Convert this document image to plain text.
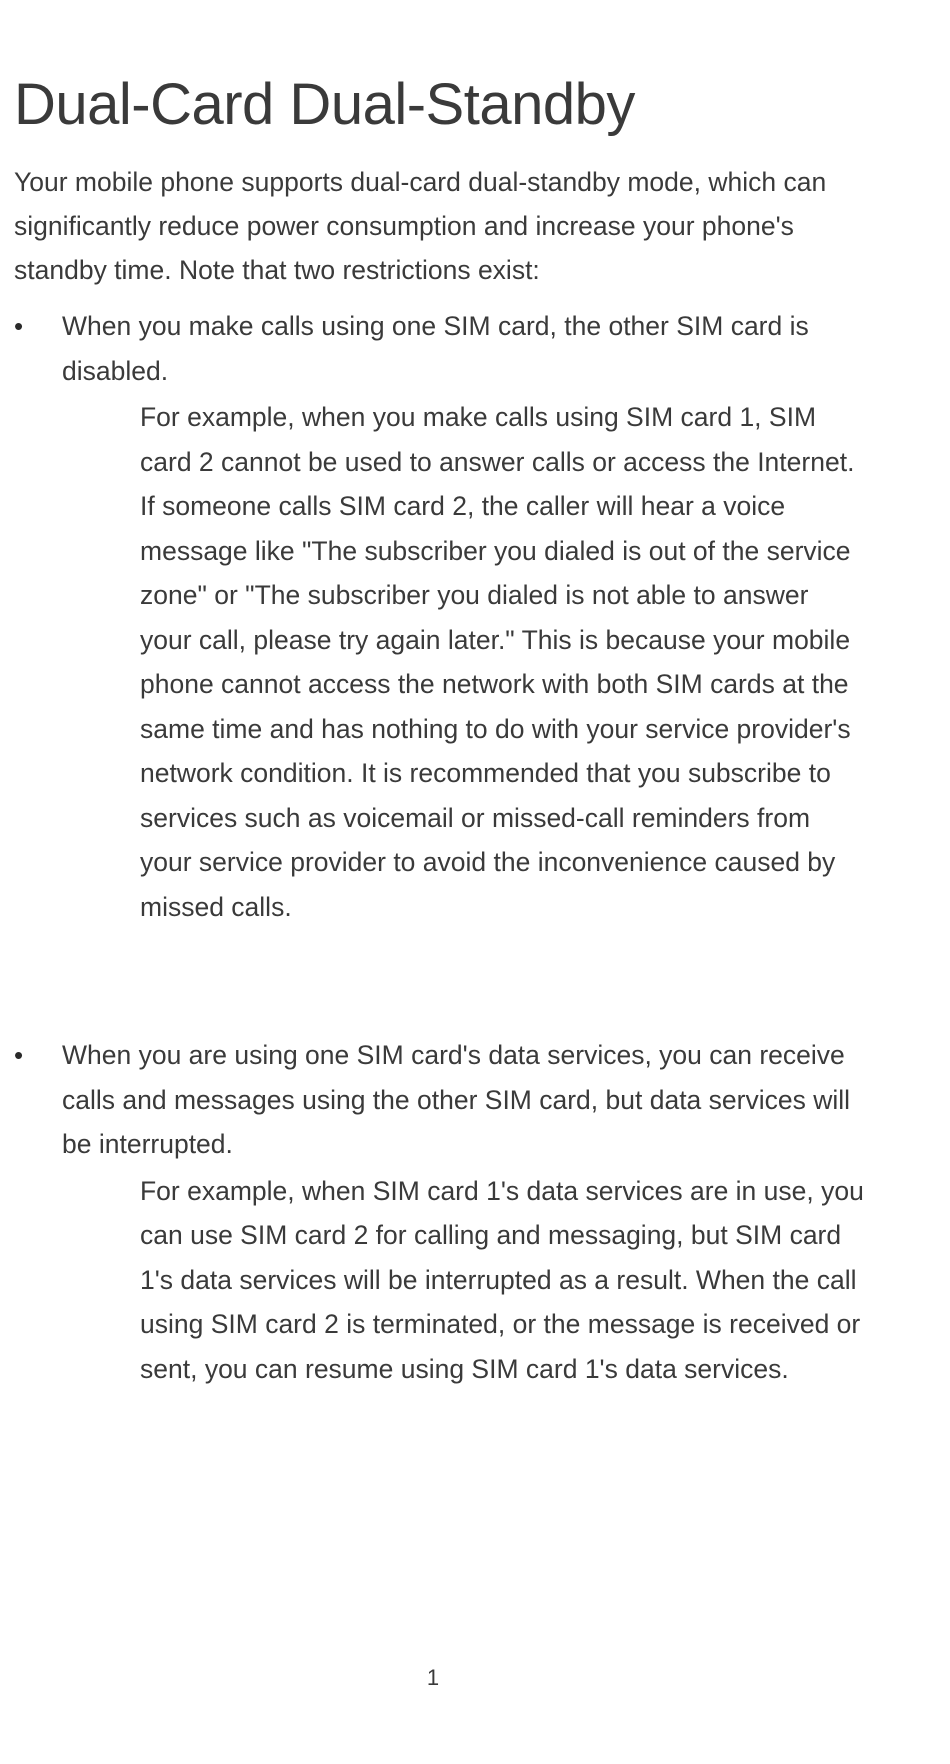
Dual-Card Dual-Standby

Your mobile phone supports dual-card dual-standby mode, which can significantly reduce power consumption and increase your phone's standby time. Note that two restrictions exist:

• When you make calls using one SIM card, the other SIM card is disabled.

For example, when you make calls using SIM card 1, SIM card 2 cannot be used to answer calls or access the Internet. If someone calls SIM card 2, the caller will hear a voice message like "The subscriber you dialed is out of the service zone" or "The subscriber you dialed is not able to answer your call, please try again later." This is because your mobile phone cannot access the network with both SIM cards at the same time and has nothing to do with your service provider's network condition. It is recommended that you subscribe to services such as voicemail or missed-call reminders from your service provider to avoid the inconvenience caused by missed calls.

• When you are using one SIM card's data services, you can receive calls and messages using the other SIM card, but data services will be interrupted.

For example, when SIM card 1's data services are in use, you can use SIM card 2 for calling and messaging, but SIM card 1's data services will be interrupted as a result. When the call using SIM card 2 is terminated, or the message is received or sent, you can resume using SIM card 1's data services.

1
